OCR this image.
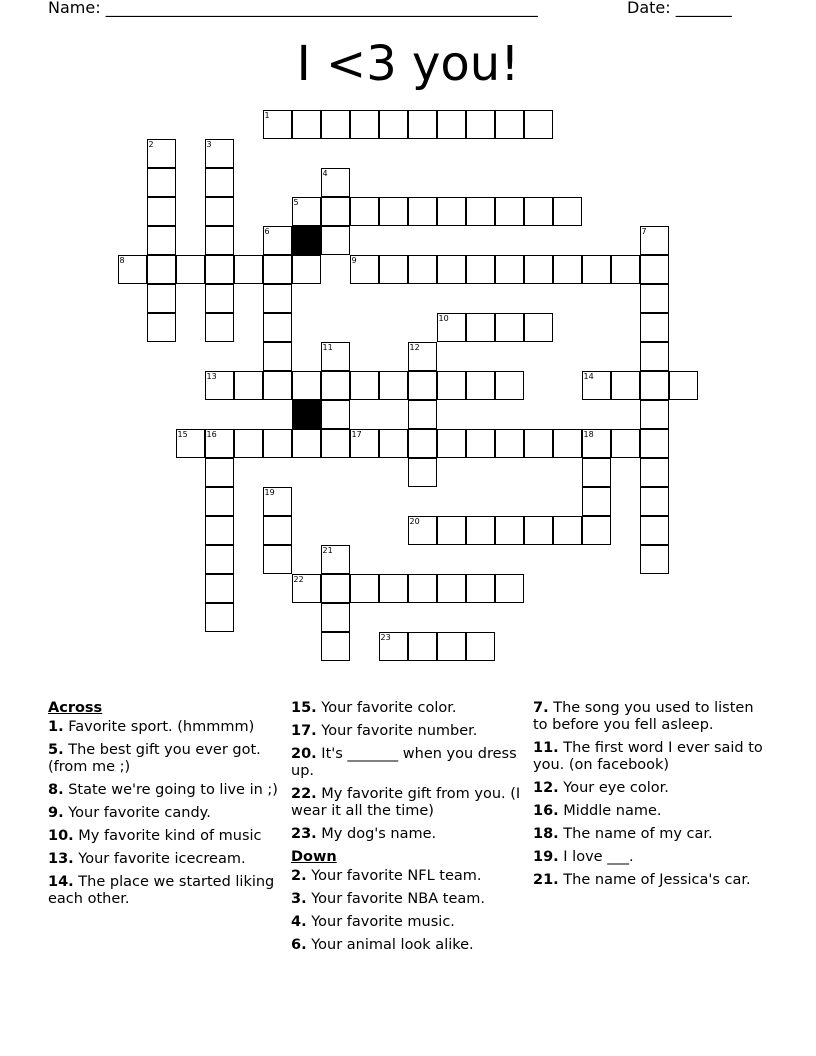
Name: ______________________________________________________	Date: _______
I <3 you!
1
5
8	9
10
13	14
15 16	17	18
20
22
23
2	3
4
6	7
11	12
19
21
Across
1. Favorite sport. (hmmmm)
5. The best gift you ever got. (from me ;)
8. State we're going to live in ;)
9. Your favorite candy.
10. My favorite kind of music
13. Your favorite icecream.
14. The place we started liking each other.
15. Your favorite color.
17. Your favorite number.
20. It's _______ when you dress up.
22. My favorite gift from you. (I wear it all the time)
23. My dog's name.
Down
2. Your favorite NFL team.
3. Your favorite NBA team.
4. Your favorite music.
6. Your animal look alike.
7. The song you used to listen to before you fell asleep.
11. The first word I ever said to you. (on facebook)
12. Your eye color.
16. Middle name.
18. The name of my car.
19. I love ___.
21. The name of Jessica's car.
